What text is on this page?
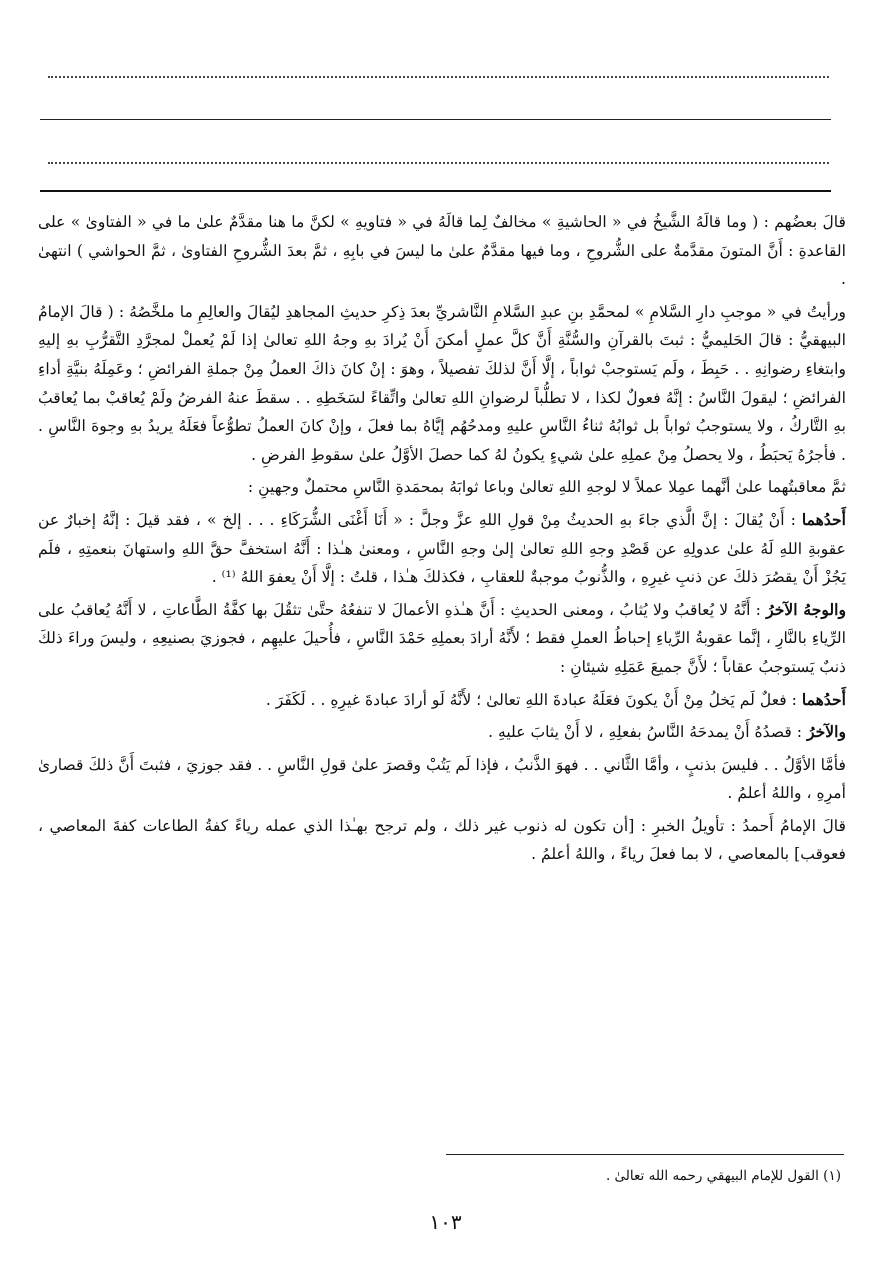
قالَ بعضُهم : ( وما قالَهُ الشَّيخُ في « الحاشيةِ » مخالفٌ لِما قالَهُ في « فتاويهِ » لكنَّ ما هنا مقدَّمٌ علىٰ ما في « الفتاوىٰ » على القاعدةِ : أَنَّ المتونَ مقدَّمةٌ على الشُّروحِ ، وما فيها مقدَّمٌ علىٰ ما ليسَ في بابِهِ ، ثمَّ بعدَ الشُّروحِ الفتاوىٰ ، ثمَّ الحواشي ) انتهىٰ .

ورأيتُ في « موجبِ دارِ السَّلامِ » لمحمَّدِ بنِ عبدِ السَّلامِ النَّاشريِّ بعدَ ذِكرِ حديثِ المجاهدِ ليُقالَ والعالِمِ ما ملخَّصُهُ : ( قالَ الإمامُ البيهقيُّ : قالَ الحَليميُّ : ثبتَ بالقرآنِ والسُّنَّةِ أَنَّ كلَّ عملٍ أمكنَ أَنْ يُرادَ بهِ وجهُ اللهِ تعالىٰ إذا لَمْ يُعملْ لمجرَّدِ التَّقرُّبِ بهِ إليهِ وابتغاءِ رضوانِهِ . . حَبِطَ ، ولَم يَستوجبْ ثواباً ، إلَّا أَنَّ لذلكَ تفصيلاً ، وهوَ : إنْ كانَ ذاكَ العملُ مِنْ جملةِ الفرائضِ ؛ وعَمِلَهُ بنيَّةِ أداءِ الفرائضِ ؛ ليقولَ النَّاسُ : إنَّهُ فعولٌ لكذا ، لا تطلُّباً لرضوانِ اللهِ تعالىٰ واتِّقاءً لسَخَطِهِ . . سقطَ عنهُ الفرضُ ولَمْ يُعاقبْ بما يُعاقبُ بهِ التَّاركُ ، ولا يستوجبُ ثواباً بل ثوابُهُ ثناءُ النَّاسِ عليهِ ومدحُهُم إيَّاهُ بما فعلَ ، وإنْ كانَ العملُ تطوُّعاً فعَلَهُ يريدُ بهِ وجوهَ النَّاسِ . . فأجرُهُ يَحبَطُ ، ولا يحصلُ مِنْ عملِهِ علىٰ شيءٍ يكونُ لهُ كما حصلَ الأوَّلُ علىٰ سقوطِ الفرضِ .

ثمَّ معاقبتُهما علىٰ أنَّهما عمِلا عملاً لا لوجهِ اللهِ تعالىٰ وباعا ثوابَهُ بمحمَدةِ النَّاسِ محتملٌ وجهينِ :

أَحدُهما : أَنْ يُقالَ : إنَّ الَّذي جاءَ بهِ الحديثُ مِنْ قولِ اللهِ عزَّ وجلَّ : « أَنَا أَغْنَى الشُّرَكَاءِ . . . إلخ » ، فقد قيلَ : إنَّهُ إخبارٌ عن عقوبةِ اللهِ لَهُ علىٰ عدولِهِ عن قَصْدِ وجهِ اللهِ تعالىٰ إلىٰ وجهِ النَّاسِ ، ومعنىٰ هـٰذا : أَنَّهُ استخفَّ حقَّ اللهِ واستهانَ بنعمتِهِ ، فلَم يَجُزْ أَنْ يقصُرَ ذلكَ عن ذنبِ غيرِهِ ، والذُّنوبُ موجبةٌ للعقابِ ، فكذلكَ هـٰذا ، قلتُ : إلَّا أَنْ يعفوَ اللهُ ⁽¹⁾ .

والوجهُ الآخرُ : أَنَّهُ لا يُعاقبُ ولا يُثابُ ، ومعنى الحديثِ : أَنَّ هـٰذهِ الأعمالَ لا تنفعُهُ حتَّىٰ تثقُلَ بها كفَّةُ الطَّاعاتِ ، لا أَنَّهُ يُعاقبُ على الرِّياءِ بالنَّارِ ، إنَّما عقوبةُ الرِّياءِ إحباطُ العملِ فقط ؛ لأَنَّهُ أرادَ بعملِهِ حَمْدَ النَّاسِ ، فأُحيلَ عليهِم ، فجوزيَ بصنيعِهِ ، وليسَ وراءَ ذلكَ ذنبٌ يَستوجبُ عقاباً ؛ لأَنَّ جميعَ عَمَلِهِ شيئانِ :

أَحدُهما : فعلٌ لَم يَخلُ مِنْ أَنْ يكونَ فعَلَهُ عبادةَ اللهِ تعالىٰ ؛ لأَنَّهُ لَو أرادَ عبادةَ غيرِهِ . . لَكَفَرَ .

والآخرُ : قصدُهُ أَنْ يمدحَهُ النَّاسُ بفعلِهِ ، لا أَنْ يثابَ عليهِ .

فأمَّا الأوَّلُ . . فليسَ بذنبٍ ، وأمَّا الثَّاني . . فهوَ الذَّنبُ ، فإذا لَم يَتُبْ وقصرَ علىٰ قولِ النَّاسِ . . فقد جوزيَ ، فثبتَ أَنَّ ذلكَ قصارىٰ أمرِهِ ، واللهُ أعلمُ .

قالَ الإمامُ أَحمدُ : تأويلُ الخبرِ : [أن تكون له ذنوب غير ذلك ، ولم ترجح بهـٰذا الذي عمله رياءً كفةُ الطاعات كفةَ المعاصي ، فعوقب] بالمعاصي ، لا بما فعلَ رياءً ، واللهُ أعلمُ .

(١) القول للإمام البيهقي رحمه الله تعالىٰ .
١٠٣
